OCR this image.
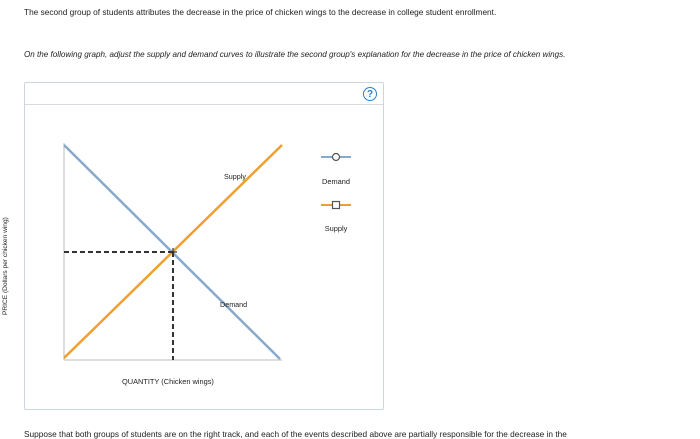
The second group of students attributes the decrease in the price of chicken wings to the decrease in college student enrollment.
On the following graph, adjust the supply and demand curves to illustrate the second group's explanation for the decrease in the price of chicken wings.
?
Supply
Demand
PRICE (Dollars per chicken wing)
QUANTITY (Chicken wings)
Demand
Supply
Suppose that both groups of students are on the right track, and each of the events described above are partially responsible for the decrease in the
